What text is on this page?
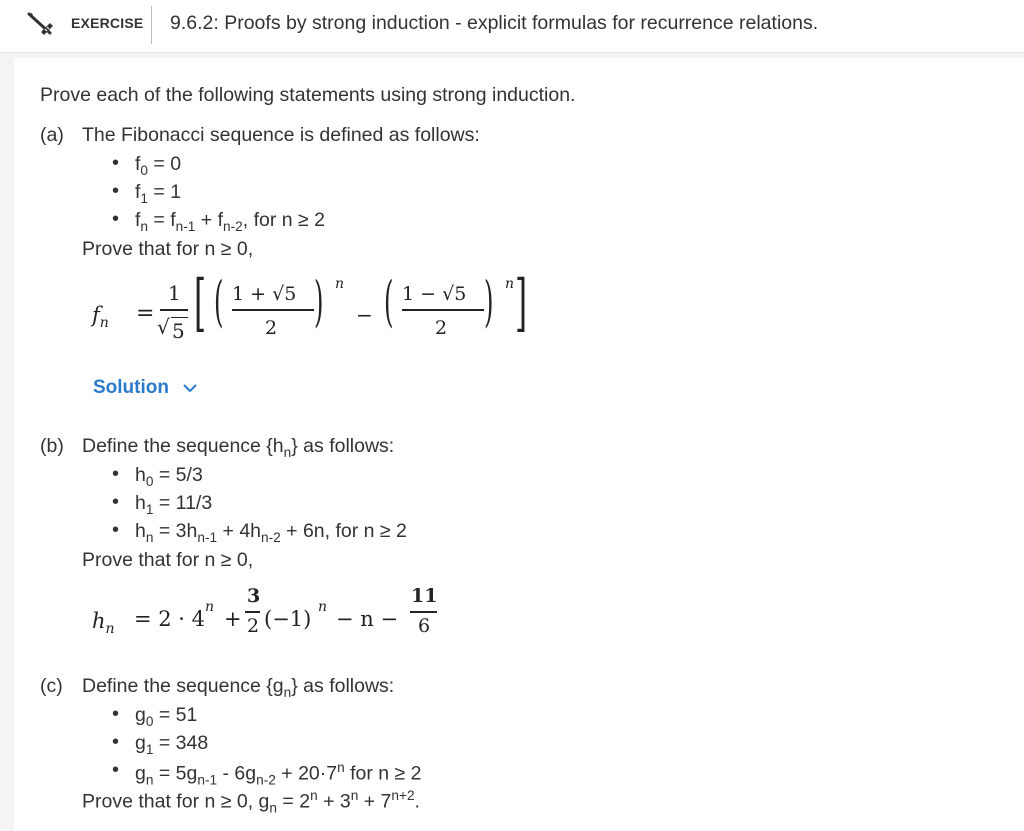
EXERCISE 9.6.2: Proofs by strong induction - explicit formulas for recurrence relations.
Prove each of the following statements using strong induction.
(a) The Fibonacci sequence is defined as follows:
• $f_0 = 0$
• $f_1 = 1$
• $f_n = f_{n-1} + f_{n-2}$, for n ≥ 2
Prove that for n ≥ 0,
$f_n$ =
1
√ 5 [ ( 1 + √5
2 ) n
− ( 1 − √5
2 ) n ]
Solution
(b) Define the sequence $\{h_n\}$ as follows:
• $h_0 = 5/3$
• $h_1 = 11/3$
• $h_n = 3h_{n-1} + 4h_{n-2} + 6n$, for n ≥ 2
Prove that for n ≥ 0,
$h_n = 2 \cdot 4$ n +
3
2 (−1) n − n −
11
6
(c) Define the sequence $\{g_n\}$ as follows:
• $g_0 = 51$
• $g_1 = 348$
• $g_n = 5g_{n-1} - 6g_{n-2} + 20\cdot 7^n$ for n ≥ 2
Prove that for n ≥ 0, $g_n = 2^n + 3^n + 7^{n+2}$.
